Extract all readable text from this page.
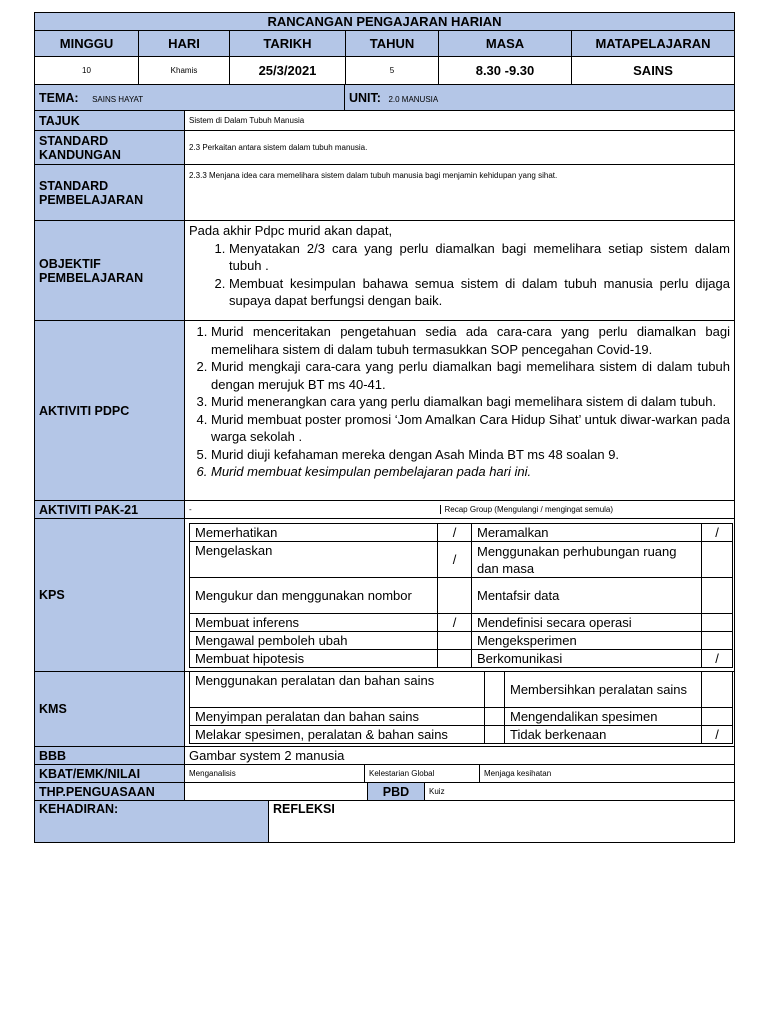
RANCANGAN PENGAJARAN HARIAN					
MINGGU	HARI	TARIKH	TAHUN	MASA	MATAPELAJARAN
10	Khamis	25/3/2021	5	8.30 -9.30	SAINS
TEMA: SAINS HAYAT	UNIT: 2.0 MANUSIA
TAJUK	Sistem di Dalam Tubuh Manusia

STANDARD
KANDUNGAN	2.3 Perkaitan antara sistem dalam tubuh manusia.

STANDARD
PEMBELAJARAN
	2.3.3 Menjana idea cara memelihara sistem dalam tubuh manusia bagi menjamin kehidupan yang sihat.

OBJEKTIF
PEMBELAJARAN

Pada akhir Pdpc murid akan dapat,
1. Menyatakan 2/3 cara yang perlu diamalkan bagi memelihara setiap sistem dalam tubuh .
2. Membuat kesimpulan bahawa semua sistem di dalam tubuh manusia perlu dijaga supaya dapat berfungsi dengan baik.

AKTIVITI PDPC	
1. Murid menceritakan pengetahuan sedia ada cara-cara yang perlu diamalkan bagi memelihara sistem di dalam tubuh termasukkan SOP pencegahan Covid-19.
2. Murid mengkaji cara-cara yang perlu diamalkan bagi memelihara sistem di dalam tubuh dengan merujuk BT ms 40-41.
3. Murid menerangkan cara yang perlu diamalkan bagi memelihara sistem di dalam tubuh.
4. Murid membuat poster promosi ‘Jom Amalkan Cara Hidup Sihat’ untuk diwar-warkan pada warga sekolah .
5. Murid diuji kefahaman mereka dengan Asah Minda BT ms 48 soalan 9.
6. Murid membuat kesimpulan pembelajaran pada hari ini.

AKTIVITI PAK-21		-	Recap Group (Mengulangi / mengingat semula)

KPS	
Memerhatikan	/	Meramalkan	/
Mengelaskan	/	Menggunakan perhubungan ruang dan masa	
Mengukur dan menggunakan nombor		Mentafsir data	
Membuat inferens	/	Mendefinisi secara operasi	
Mengawal pemboleh ubah		Mengeksperimen	
Membuat hipotesis		Berkomunikasi	/

KMS	
Menggunakan peralatan dan bahan sains		Membersihkan peralatan sains	
Menyimpan peralatan dan bahan sains		Mengendalikan spesimen	
Melakar spesimen, peralatan & bahan sains		Tidak berkenaan	/

BBB	Gambar system 2 manusia
KBAT/EMK/NILAI	Menganalisis	Kelestarian Global	Menjaga kesihatan
THP.PENGUASAAN		PBD	Kuiz
KEHADIRAN:	REFLEKSI
